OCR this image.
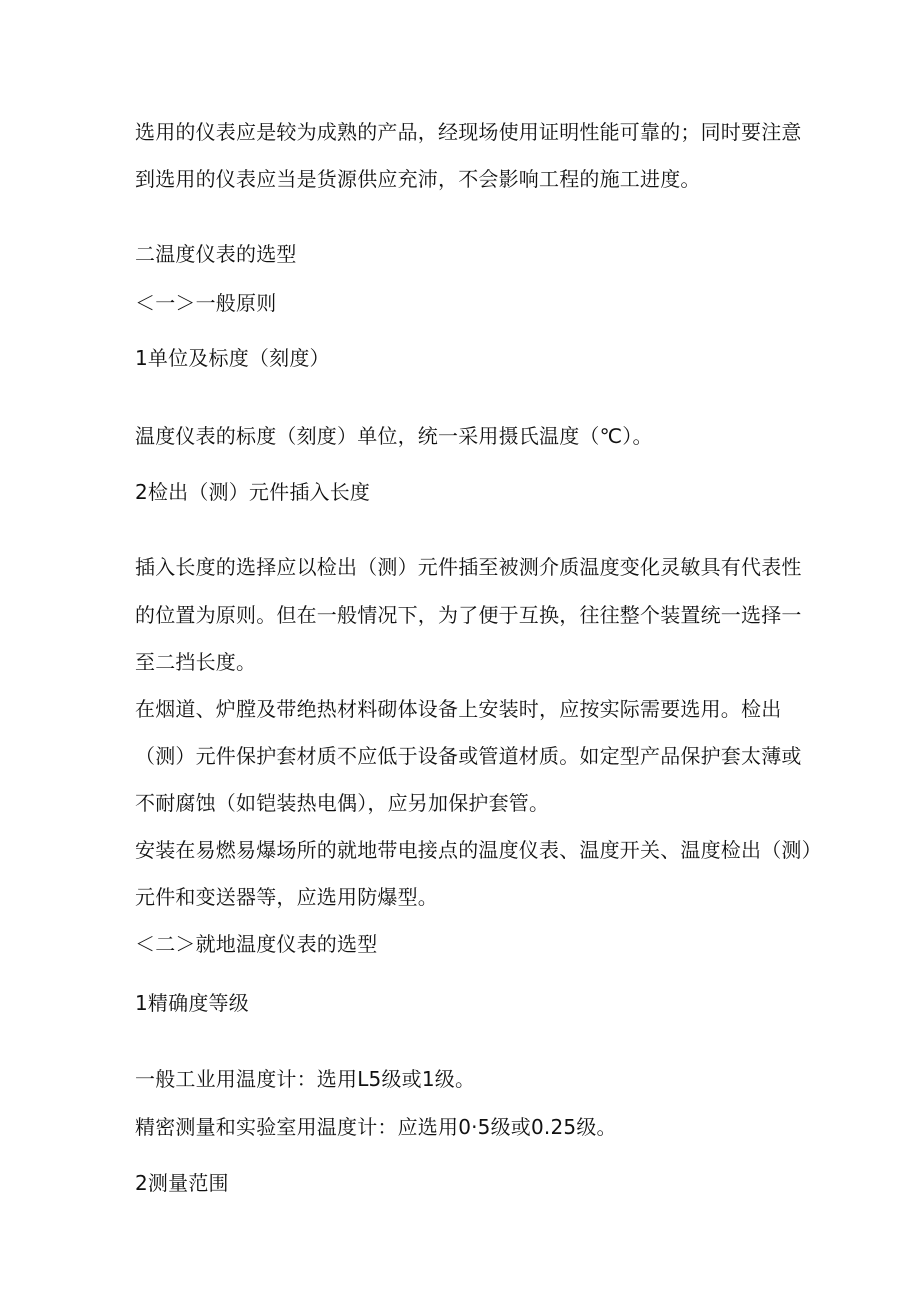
选用的仪表应是较为成熟的产品，经现场使用证明性能可靠的；同时要注意
到选用的仪表应当是货源供应充沛，不会影响工程的施工进度。
二温度仪表的选型
＜一＞一般原则
1单位及标度（刻度）
温度仪表的标度（刻度）单位，统一采用摄氏温度（℃）。
2检出（测）元件插入长度
插入长度的选择应以检出（测）元件插至被测介质温度变化灵敏具有代表性
的位置为原则。但在一般情况下，为了便于互换，往往整个装置统一选择一
至二挡长度。
在烟道、炉膛及带绝热材料砌体设备上安装时，应按实际需要选用。检出
（测）元件保护套材质不应低于设备或管道材质。如定型产品保护套太薄或
不耐腐蚀（如铠装热电偶），应另加保护套管。
安装在易燃易爆场所的就地带电接点的温度仪表、温度开关、温度检出（测）
元件和变送器等，应选用防爆型。
＜二＞就地温度仪表的选型
1精确度等级
一般工业用温度计：选用L5级或1级。
精密测量和实验室用温度计：应选用0·5级或0.25级。
2测量范围
